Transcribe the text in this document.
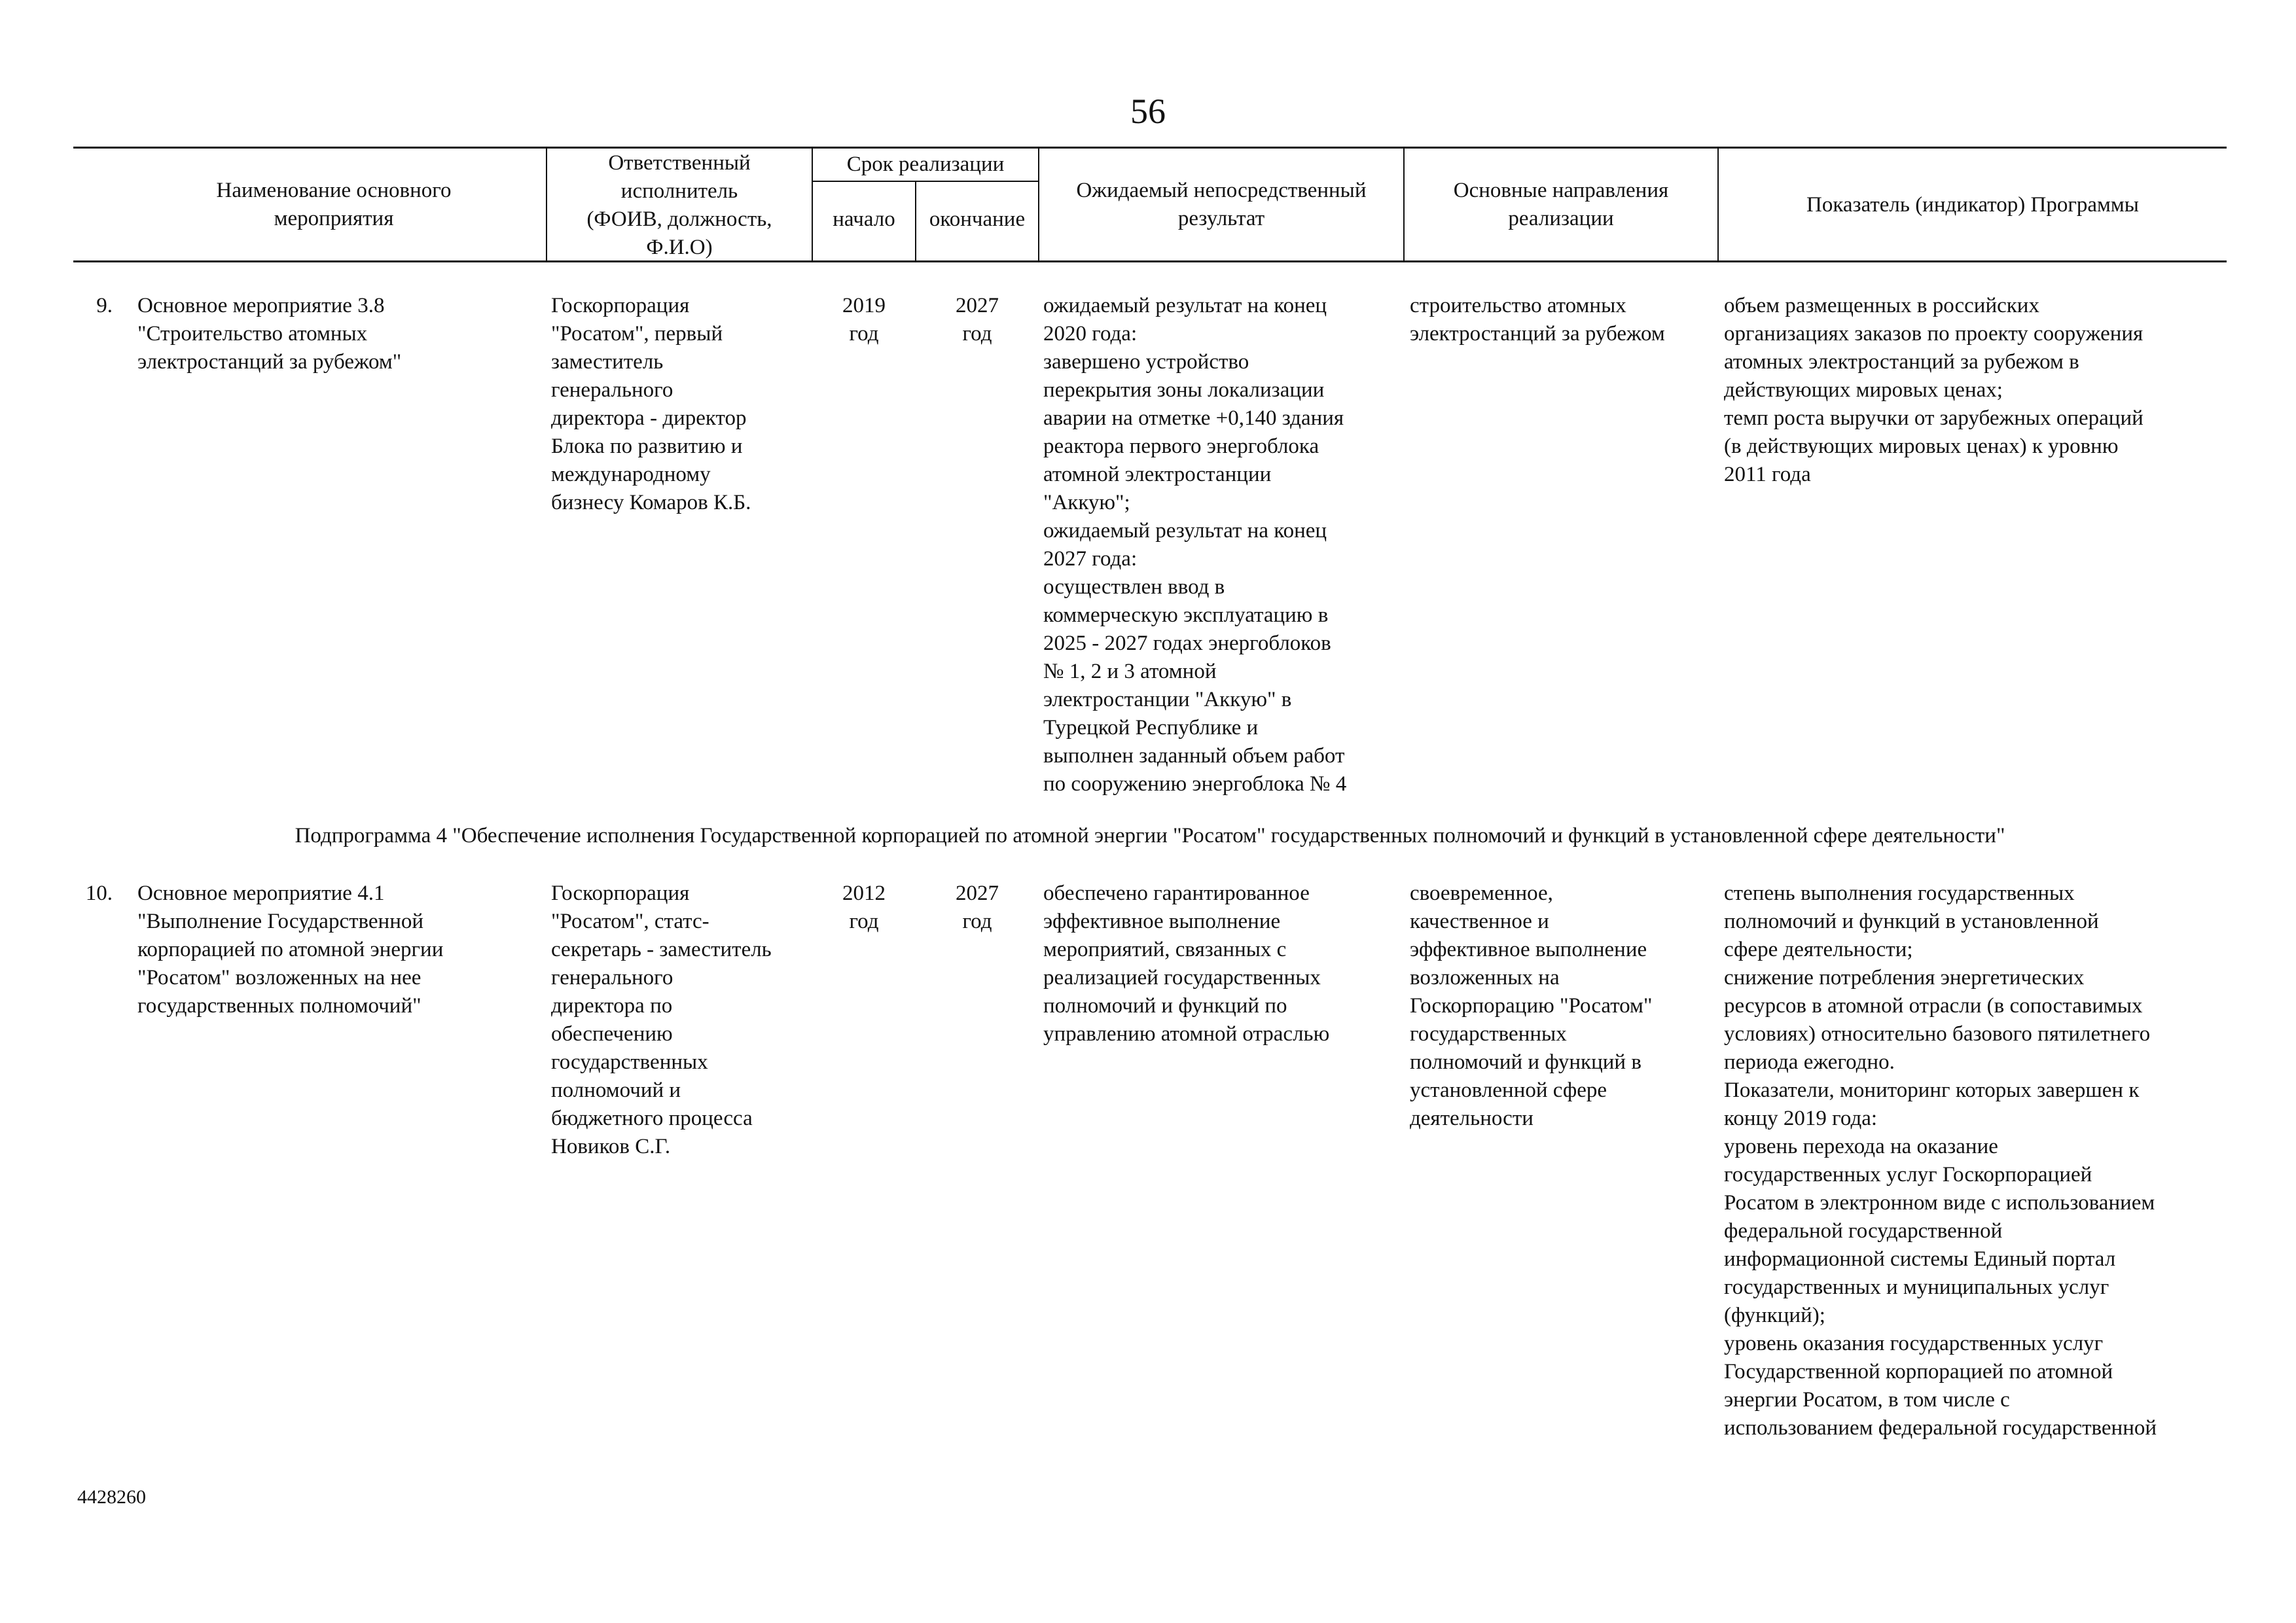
56
Наименование основного
мероприятия
Ответственный
исполнитель
(ФОИВ, должность,
Ф.И.О)
Срок реализации
начало	окончание
Ожидаемый непосредственный
результат
Основные направления
реализации
Показатель (индикатор) Программы
9. Основное мероприятие 3.8
"Строительство атомных
электростанций за рубежом"
Госкорпорация
"Росатом", первый
заместитель
генерального
директора - директор
Блока по развитию и
международному
бизнесу Комаров К.Б.
2019
год
2027
год
ожидаемый результат на конец
2020 года:
завершено устройство
перекрытия зоны локализации
аварии на отметке +0,140 здания
реактора первого энергоблока
атомной электростанции
"Аккую";
ожидаемый результат на конец
2027 года:
осуществлен ввод в
коммерческую эксплуатацию в
2025 - 2027 годах энергоблоков
№ 1, 2 и 3 атомной
электростанции "Аккую" в
Турецкой Республике и
выполнен заданный объем работ
по сооружению энергоблока № 4
строительство атомных
электростанций за рубежом
объем размещенных в российских
организациях заказов по проекту сооружения
атомных электростанций за рубежом в
действующих мировых ценах;
темп роста выручки от зарубежных операций
(в действующих мировых ценах) к уровню
2011 года
Подпрограмма 4 "Обеспечение исполнения Государственной корпорацией по атомной энергии "Росатом" государственных полномочий и функций в установленной сфере деятельности"
10. Основное мероприятие 4.1
"Выполнение Государственной
корпорацией по атомной энергии
"Росатом" возложенных на нее
государственных полномочий"
Госкорпорация
"Росатом", статс-
секретарь - заместитель
генерального
директора по
обеспечению
государственных
полномочий и
бюджетного процесса
Новиков С.Г.
2012
год
2027
год
обеспечено гарантированное
эффективное выполнение
мероприятий, связанных с
реализацией государственных
полномочий и функций по
управлению атомной отраслью
своевременное,
качественное и
эффективное выполнение
возложенных на
Госкорпорацию "Росатом"
государственных
полномочий и функций в
установленной сфере
деятельности
степень выполнения государственных
полномочий и функций в установленной
сфере деятельности;
снижение потребления энергетических
ресурсов в атомной отрасли (в сопоставимых
условиях) относительно базового пятилетнего
периода ежегодно.
Показатели, мониторинг которых завершен к
концу 2019 года:
уровень перехода на оказание
государственных услуг Госкорпорацией
Росатом в электронном виде с использованием
федеральной государственной
информационной системы Единый портал
государственных и муниципальных услуг
(функций);
уровень оказания государственных услуг
Государственной корпорацией по атомной
энергии Росатом, в том числе с
использованием федеральной государственной
4428260
